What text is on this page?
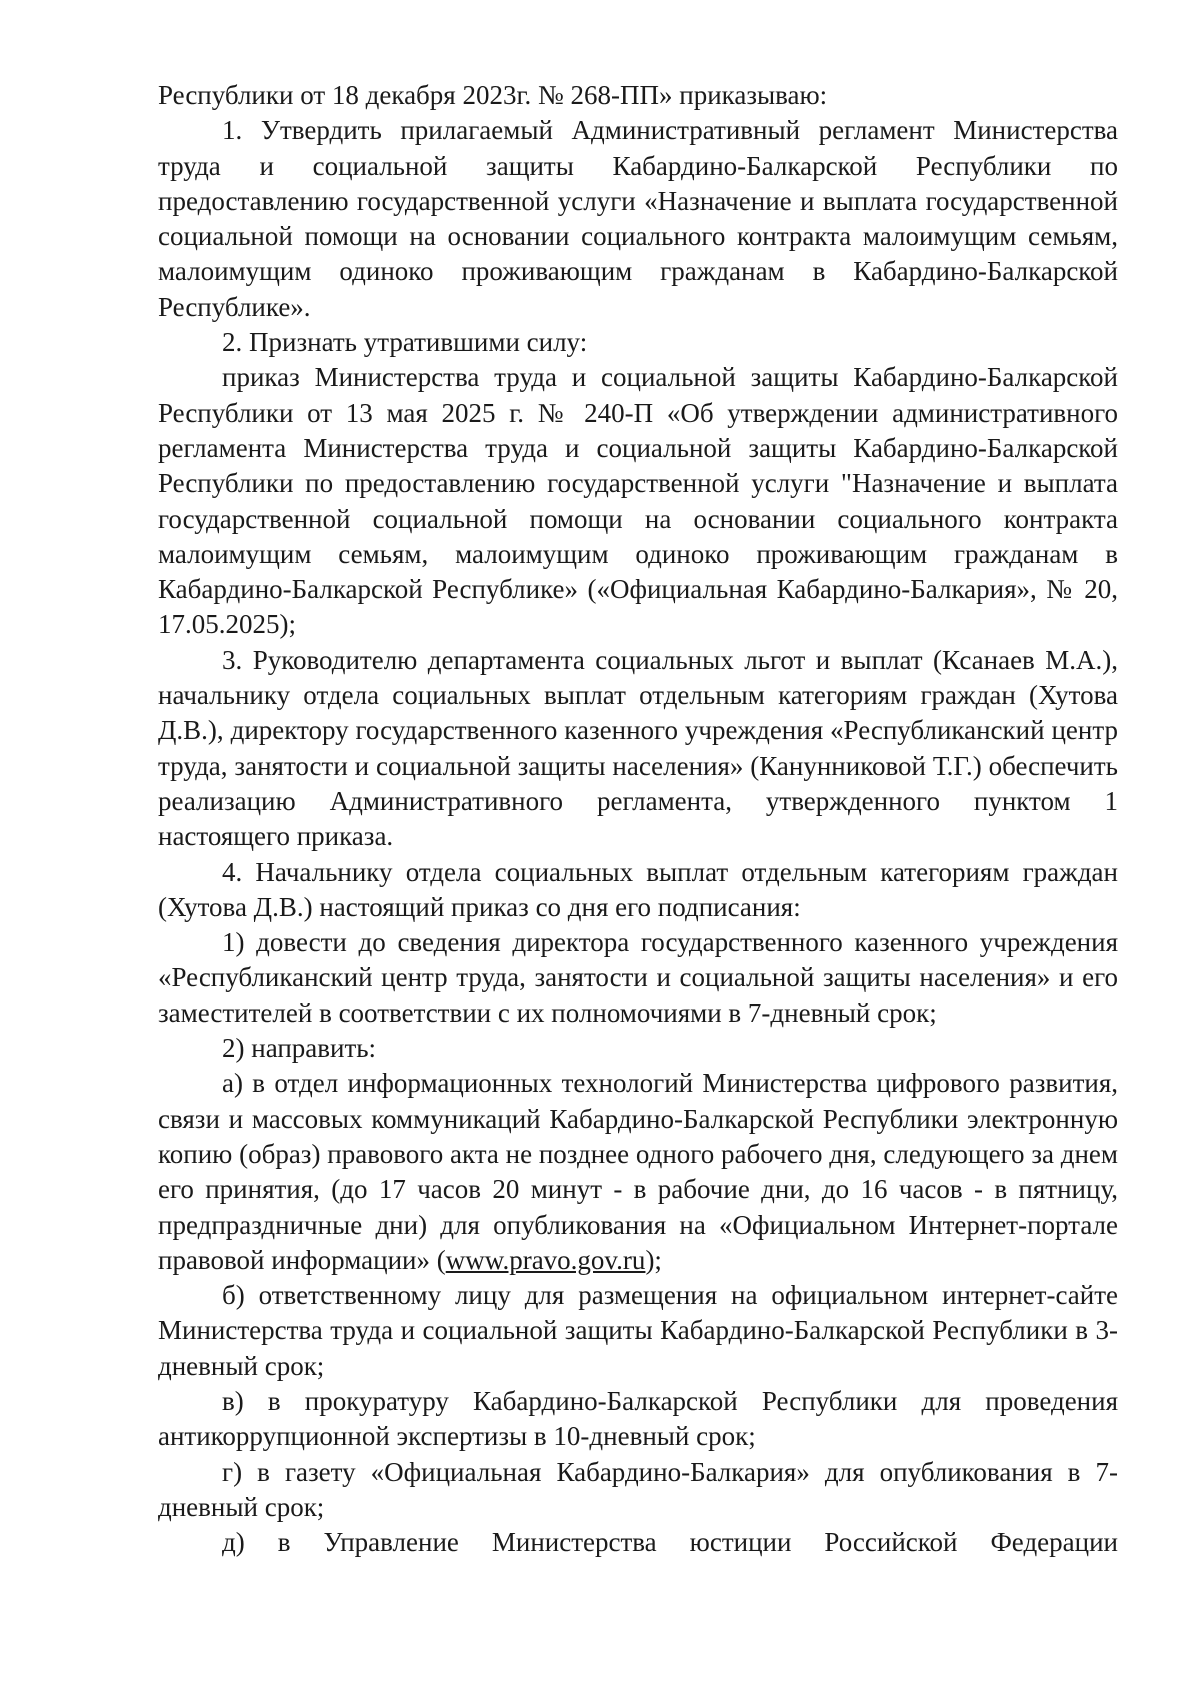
Республики от 18 декабря 2023г. № 268-ПП» приказываю:

1. Утвердить прилагаемый Административный регламент Министерства труда и социальной защиты Кабардино-Балкарской Республики по предоставлению государственной услуги «Назначение и выплата государственной социальной помощи на основании социального контракта малоимущим семьям, малоимущим одиноко проживающим гражданам в Кабардино-Балкарской Республике».

2. Признать утратившими силу:

приказ Министерства труда и социальной защиты Кабардино-Балкарской Республики от 13 мая 2025 г. № 240-П «Об утверждении административного регламента Министерства труда и социальной защиты Кабардино-Балкарской Республики по предоставлению государственной услуги "Назначение и выплата государственной социальной помощи на основании социального контракта малоимущим семьям, малоимущим одиноко проживающим гражданам в Кабардино-Балкарской Республике» («Официальная Кабардино-Балкария», № 20, 17.05.2025);

3. Руководителю департамента социальных льгот и выплат (Ксанаев М.А.), начальнику отдела социальных выплат отдельным категориям граждан (Хутова Д.В.), директору государственного казенного учреждения «Республиканский центр труда, занятости и социальной защиты населения» (Канунниковой Т.Г.) обеспечить реализацию Административного регламента, утвержденного пунктом 1 настоящего приказа.

4. Начальнику отдела социальных выплат отдельным категориям граждан (Хутова Д.В.) настоящий приказ со дня его подписания:

1) довести до сведения директора государственного казенного учреждения «Республиканский центр труда, занятости и социальной защиты населения» и его заместителей в соответствии с их полномочиями в 7-дневный срок;

2) направить:

а) в отдел информационных технологий Министерства цифрового развития, связи и массовых коммуникаций Кабардино-Балкарской Республики электронную копию (образ) правового акта не позднее одного рабочего дня, следующего за днем его принятия, (до 17 часов 20 минут - в рабочие дни, до 16 часов - в пятницу, предпраздничные дни) для опубликования на «Официальном Интернет-портале правовой информации» (www.pravo.gov.ru);

б) ответственному лицу для размещения на официальном интернет-сайте Министерства труда и социальной защиты Кабардино-Балкарской Республики в 3-дневный срок;

в) в прокуратуру Кабардино-Балкарской Республики для проведения антикоррупционной экспертизы в 10-дневный срок;

г) в газету «Официальная Кабардино-Балкария» для опубликования в 7-дневный срок;

д) в Управление Министерства юстиции Российской Федерации
